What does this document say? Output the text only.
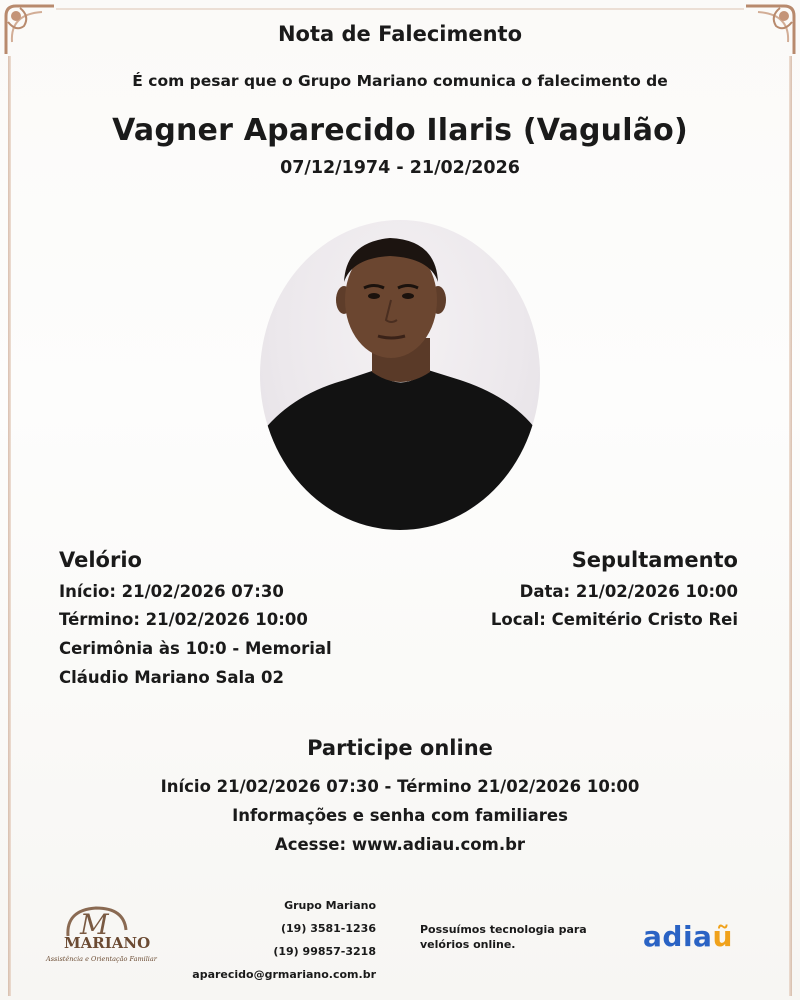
Nota de Falecimento
É com pesar que o Grupo Mariano comunica o falecimento de
Vagner Aparecido Ilaris (Vagulão)
07/12/1974 - 21/02/2026
Velório
Início: 21/02/2026 07:30
Término: 21/02/2026 10:00
Cerimônia às 10:0 - Memorial
Cláudio Mariano Sala 02
Sepultamento
Data: 21/02/2026 10:00
Local: Cemitério Cristo Rei
Participe online
Início 21/02/2026 07:30 - Término 21/02/2026 10:00
Informações e senha com familiares
Acesse: www.adiau.com.br
M
MARIANO
Assistência e Orientação Familiar
Grupo Mariano
(19) 3581-1236
(19) 99857-3218
aparecido@grmariano.com.br
Possuímos tecnologia para
velórios online.	adiaũ
